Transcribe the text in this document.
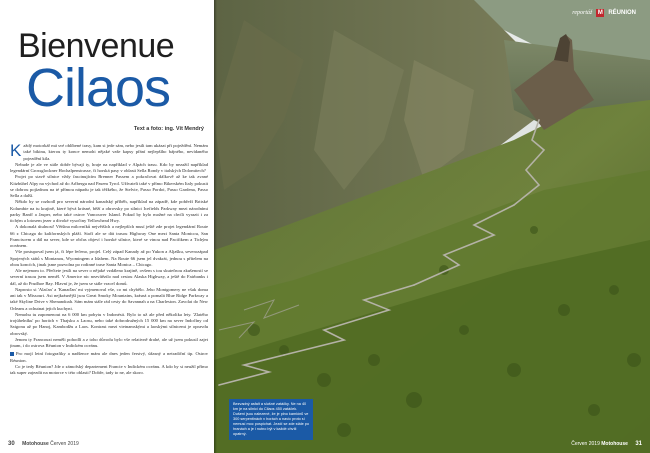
Bienvenue
Cilaos
Text a foto: ing. Vít Mendrý

Každý motorkář má své oblíbené trasy, kam si jede sám, nebo jestli tam ukázat při poježdění. Nemám také bikinu, kterou ty konce nemohi nějaké vaše kapsy přání nejlepšího bájného, nevídaného pojezdění kila.

Nebude je ale ve stále dobře bývají ty, hraje na například v Alpách trasu. Kdo by nezažil například legendární Grossglockner Hochalpenstrasse, či horská pasy v oblasti Sella Rondy v italských Dolomitech?

Projet po stavě silnice vždy fascinujícím Brenner Passem a pokračovat dálkově až ke tak zvané Kitzbühel Alpy na východ až do Arlbergu nad Pasem Tyrol. Užívateli také v přímo Bikerském Italy pokusit se dobrou pojízdnou na té přímou nápadu je tak těžkého, že Stelvie, Passo Pordoi, Passo Gardena, Passo Sella a další.

Někdo by se rozhodl pro severní národní kanadský příběh, například na západě, kde pobřeží Britské Kolumbie na tu krajině, které bývá krásné, běží a obrovsky po silnici Icefields Parkway mezi národními parky Banff a Jasper, nebo také ostrov Vancouver Island. Pokud by bylo možné na chvíli vyrazit i za tichým a lotosem jezer a divoké vysočiny Yellowhead Hwy.

A dokonalá útulnost! Většina milovníků největších a nejlepších musí ještě zde projet legendární Route 66 z Chicaga do kalifornských pláží. Stačí ale se dát trasou Highway One mezi Santa Monicou, San Franciscem a dál na sever, kde se občas objeví i horské silnice, které se vinou nad Pacifikem a Tichým oceánem.

Vše postupoval jsem já, či lépe řečeno, projel. Celý západ Kanady až po Yukon a Aljašku, severozápad Spojených států s Montanou, Wyomingem a Idahem. Na Route 66 jsem jel dvakrát, jednou s přítelem na obou koncích, jinak jsme pozvolna po rodinné trase Santa Monica – Chicago.

Ale nejenom to. Přečtete jestli na sever o nějaké vzdáleno krajině, ovšem s tou skutečnou zkušeností se severní trasou jsem neměl. V Americe nic nezvítězilo nad cestou Alaska Highway, a ještě do Fairbanks i dál, až do Prudhoe Bay. Hlavní je, že jsem se stále vracel domů.

Naprosto si 'Alaťan' a 'Kanaďan' mi vyjmenoval vše, co mi chybělo. Jeho Montgomery ne však doma ani tak v Missouri. Asi nejkrásnější jsou Great Smoky Mountains, krásná a pomalá Blue Ridge Parkway a také Skyline Drive v Shenandoah. Sám mám stále rád cesty do Savannah a na Charleston. Zavolat do New Orleans a ochutnat jejich kuchyni.

Nemohu tu zapomenout na 6 000 km pobytu v Indonésii. Bylo to už ale před několika lety. 'Zlatého trojúhelníku' po horách v Thajsku a Laosu, nebo také dobrodružných 15 000 km na sever Indočíny od Saigonu až po Hanoj, Kambodžu a Laos. Kontrast mezi vietnamskými a laoskými silnicemi je opravdu obrovský.

Jenom ty Francouzi neměli pohodlí a z toho důvodu bylo vše relativně drahé, ale už jsem pokusil zajet jinam, i do ostrova Réunion v Indickém oceánu.

Pro mojí letní fotografiky a nadšence mám ale dnes jeden čerstvý, úžasný a netradiční tip. Ostrov Réunion.

Co je tedy Réunion? Jde o zámořský departement Francie v Indickém oceánu. A kdo by si neužil přímo tak super zajezdit na motorce v této oblasti? Dobře, tady to ne, ale skoro.

30 Motohouse Červen 2019
reportáž M RÉUNION
Červen 2019 Motohouse 31
Bezvadný asfalt a slušné zatáčky. Ne na 40 km je na silnici do Cilaos 450 zatáček. Dušení jsou nalezené, že je plno kamiónů ve 300 serpentinách v horách a navíc proto si nemusí moc pospíchat. Jezdí se zde stále po hranách a je i nutno být v každé chvíli opatrný.
